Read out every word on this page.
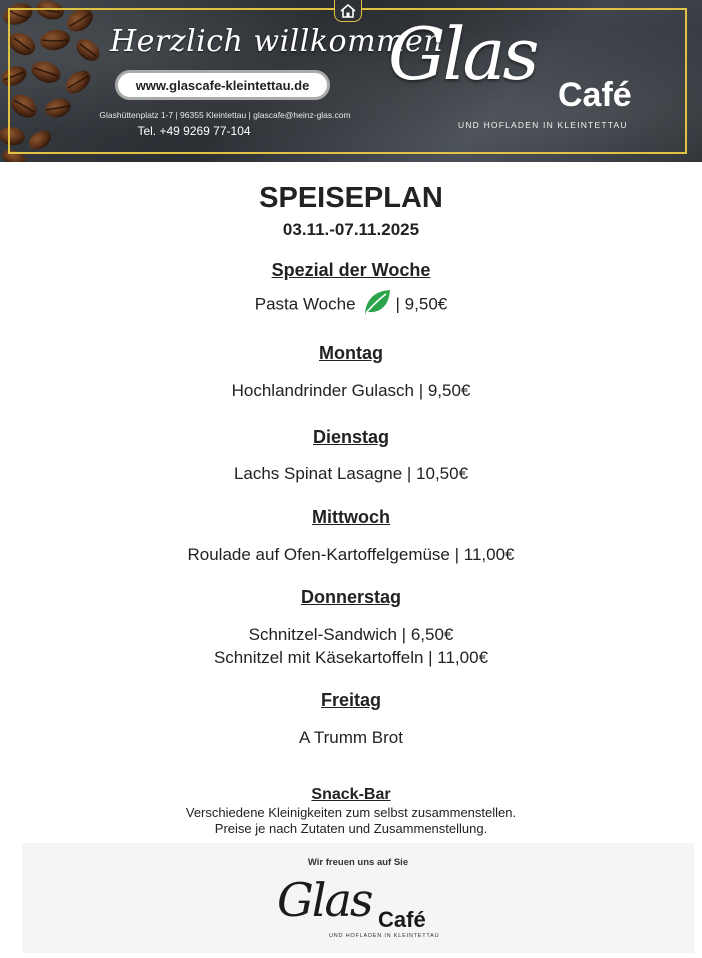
Herzlich willkommen
www.glascafe-kleintettau.de
Glashüttenplatz 1-7 | 96355 Kleintettau | glascafe@heinz-glas.com
Tel. +49 9269 77-104
Glas Café
UND HOFLADEN IN KLEINTETTAU
SPEISEPLAN
03.11.-07.11.2025
Spezial der Woche
Pasta Woche | 9,50€
Montag
Hochlandrinder Gulasch | 9,50€
Dienstag
Lachs Spinat Lasagne | 10,50€
Mittwoch
Roulade auf Ofen-Kartoffelgemüse | 11,00€
Donnerstag
Schnitzel-Sandwich | 6,50€
Schnitzel mit Käsekartoffeln | 11,00€
Freitag
A Trumm Brot
Snack-Bar
Verschiedene Kleinigkeiten zum selbst zusammenstellen.
Preise je nach Zutaten und Zusammenstellung.
Wir freuen uns auf Sie
Glas Café
UND HOFLADEN IN KLEINTETTAU
